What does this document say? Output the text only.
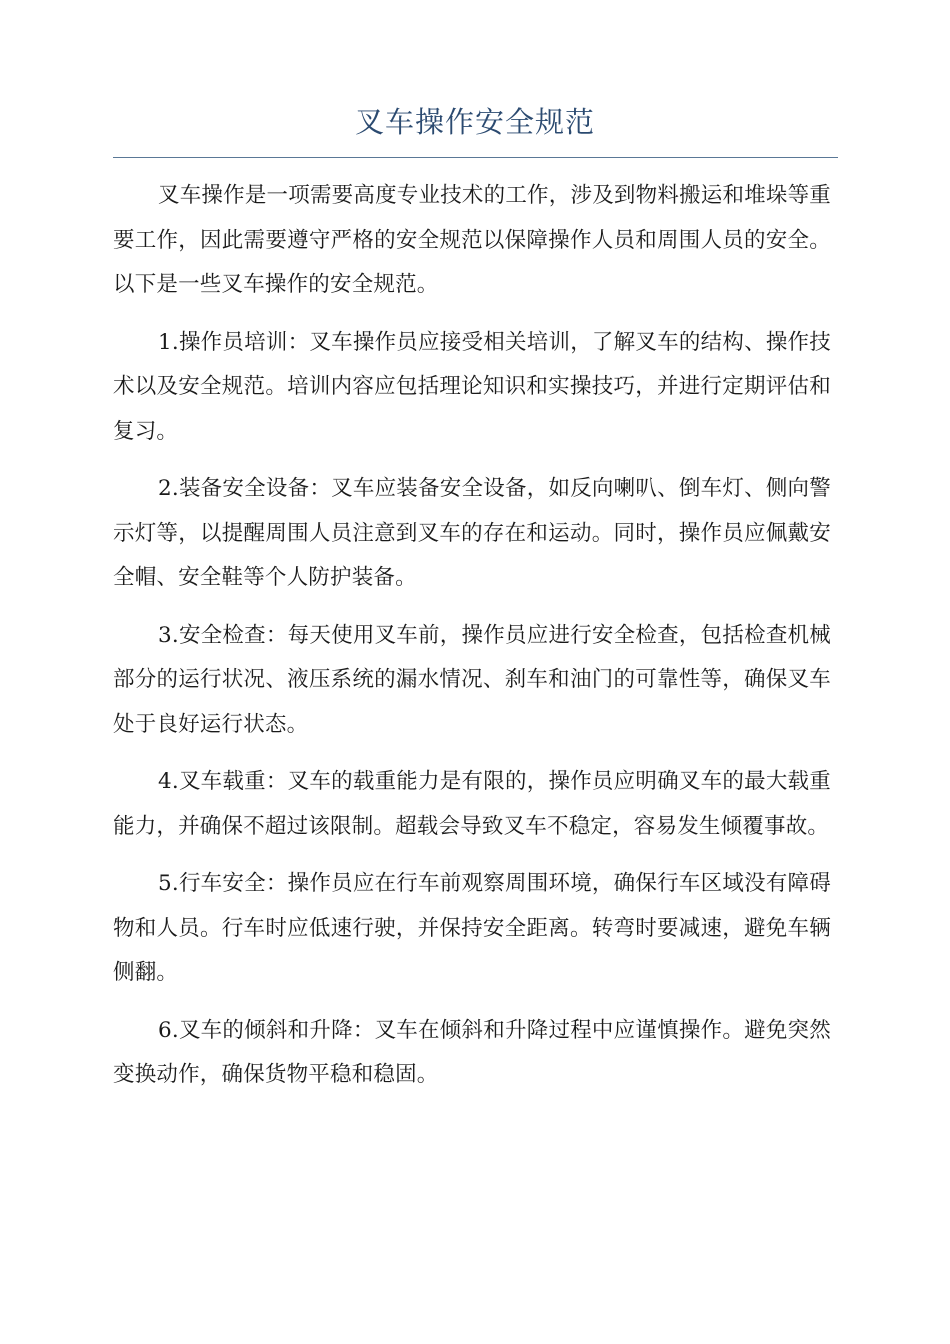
叉车操作安全规范

叉车操作是一项需要高度专业技术的工作，涉及到物料搬运和堆垛等重要工作，因此需要遵守严格的安全规范以保障操作人员和周围人员的安全。以下是一些叉车操作的安全规范。

1.操作员培训：叉车操作员应接受相关培训，了解叉车的结构、操作技术以及安全规范。培训内容应包括理论知识和实操技巧，并进行定期评估和复习。

2.装备安全设备：叉车应装备安全设备，如反向喇叭、倒车灯、侧向警示灯等，以提醒周围人员注意到叉车的存在和运动。同时，操作员应佩戴安全帽、安全鞋等个人防护装备。

3.安全检查：每天使用叉车前，操作员应进行安全检查，包括检查机械部分的运行状况、液压系统的漏水情况、刹车和油门的可靠性等，确保叉车处于良好运行状态。

4.叉车载重：叉车的载重能力是有限的，操作员应明确叉车的最大载重能力，并确保不超过该限制。超载会导致叉车不稳定，容易发生倾覆事故。

5.行车安全：操作员应在行车前观察周围环境，确保行车区域没有障碍物和人员。行车时应低速行驶，并保持安全距离。转弯时要减速，避免车辆侧翻。

6.叉车的倾斜和升降：叉车在倾斜和升降过程中应谨慎操作。避免突然变换动作，确保货物平稳和稳固。
